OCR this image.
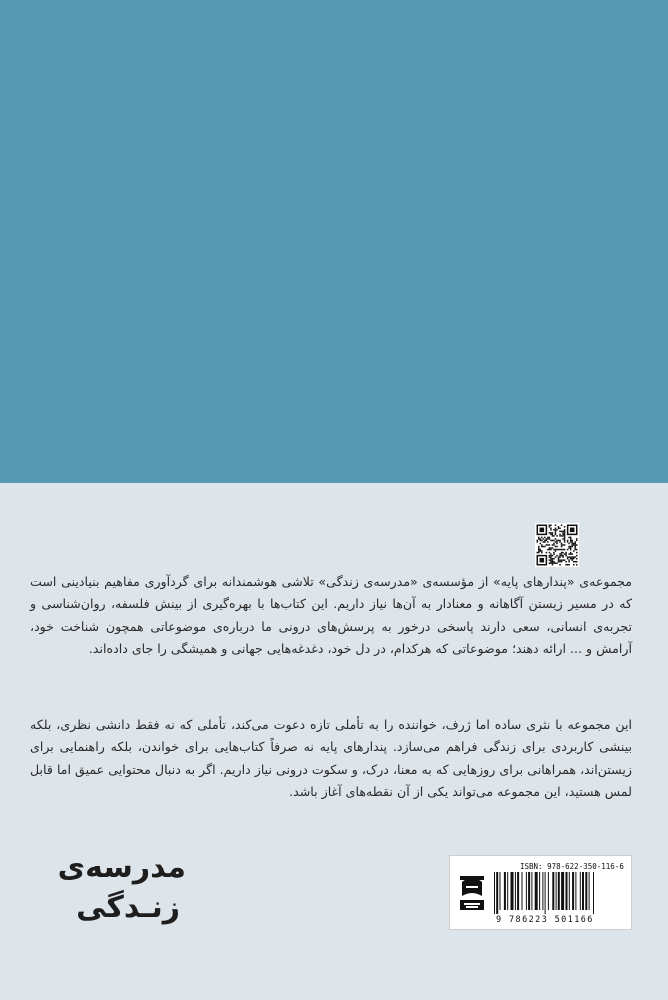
مجموعه‌ی «پندارهای پایه» از مؤسسه‌ی «مدرسه‌ی زندگی» تلاشی هوشمندانه برای گردآوری مفاهیم بنیادینی است که در مسیر زیستن آگاهانه و معنادار به آن‌ها نیاز داریم. این کتاب‌ها با بهره‌گیری از بینش فلسفه، روان‌شناسی و تجربه‌ی انسانی، سعی دارند پاسخی درخور به پرسش‌های درونی ما درباره‌ی موضوعاتی همچون شناخت خود، آرامش و ... ارائه دهند؛ موضوعاتی که هرکدام، در دل خود، دغدغه‌هایی جهانی و همیشگی را جای داده‌اند.
این مجموعه با نثری ساده اما ژرف، خواننده را به تأملی تازه دعوت می‌کند، تأملی که نه فقط دانشی نظری، بلکه بینشی کاربردی برای زندگی فراهم می‌سازد. پندارهای پایه نه صرفاً کتاب‌هایی برای خواندن، بلکه راهنمایی برای زیستن‌اند، همراهانی برای روزهایی که به معنا، درک، و سکوت درونی نیاز داریم. اگر به دنبال محتوایی عمیق اما قابل لمس هستید، این مجموعه می‌تواند یکی از آن نقطه‌های آغاز باشد.
مدرسه‌ی
زنـدگی
ISBN: 978-622-350-116-6
9 786223 501166
